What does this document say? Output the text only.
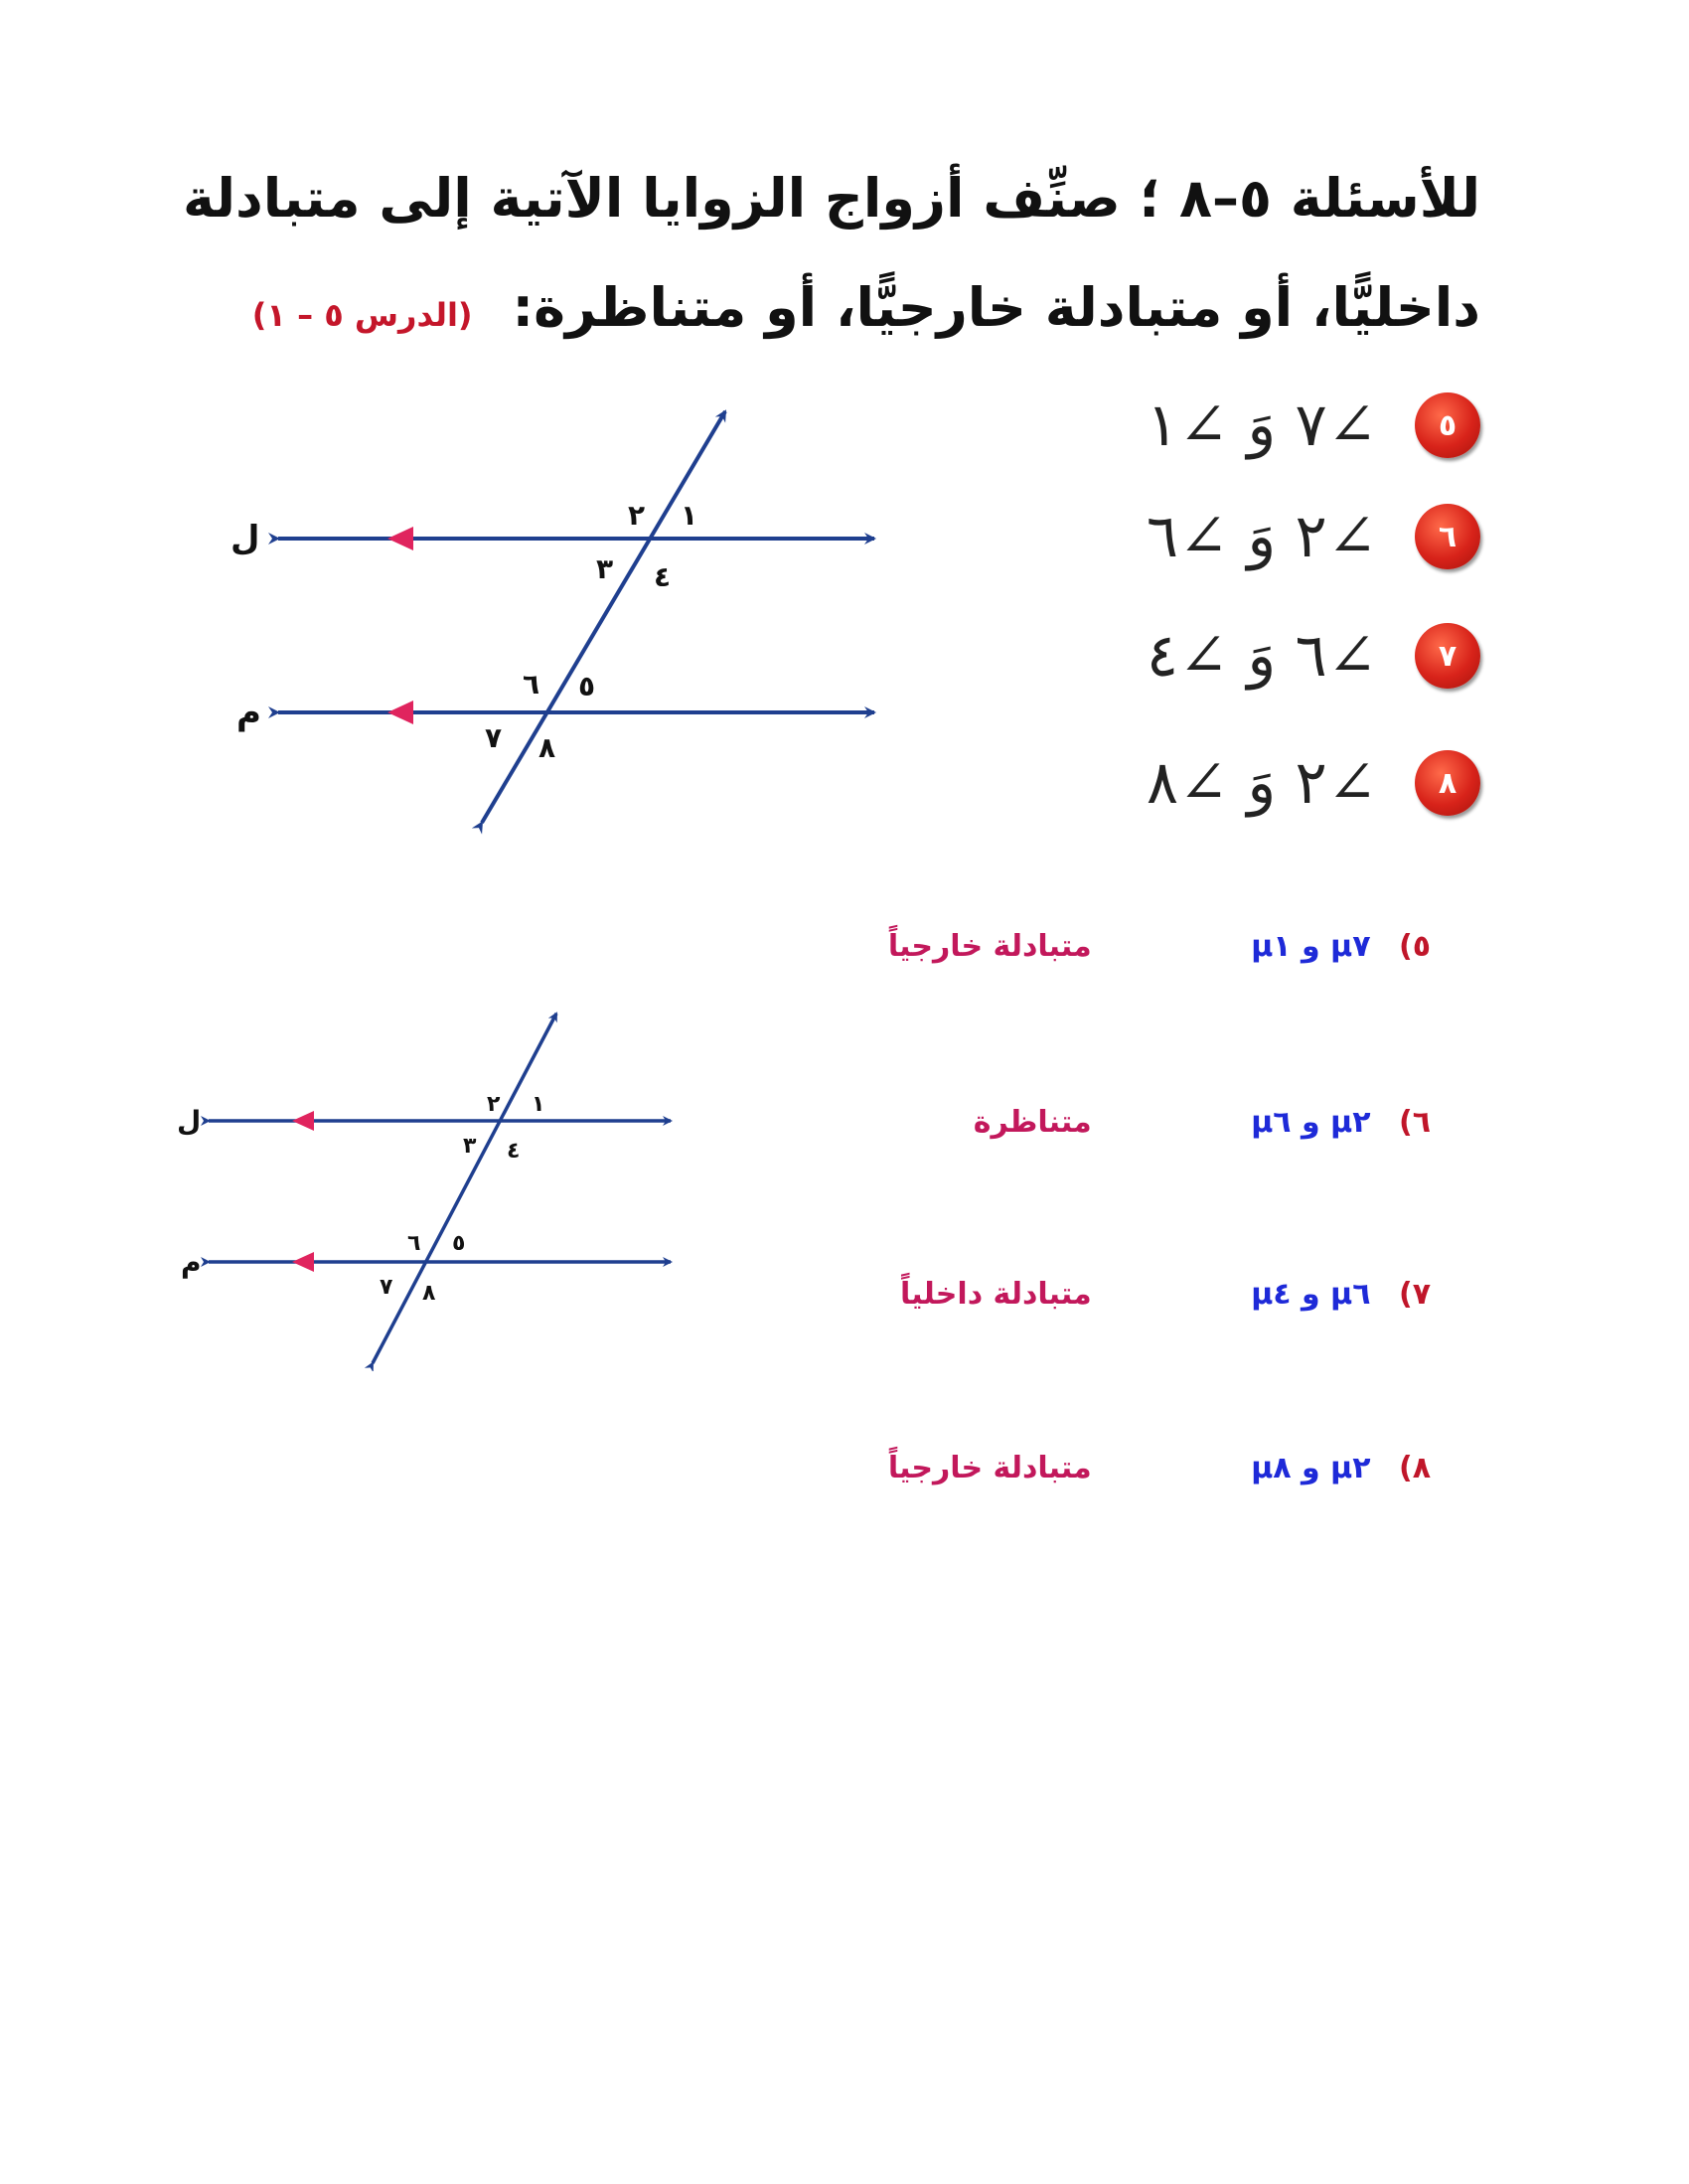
للأسئلة ٥–٨ ؛ صنِّف أزواج الزوايا الآتية إلى متبادلة
داخليًّا، أو متبادلة خارجيًّا، أو متناظرة:(الدرس ٥ – ١)
٥
∠٧ وَ ∠١
٦
∠٢ وَ ∠٦
٧
∠٦ وَ ∠٤
٨
∠٢ وَ ∠٨
ل
م
١
٢
٣ ٤
٥
٦
٧ ٨
٥) µ٧ و µ١ متبادلة خارجياً
٦) µ٢ و µ٦ متناظرة
٧) µ٦ و µ٤ متبادلة داخلياً
٨) µ٢ و µ٨ متبادلة خارجياً
ل
م
١
٢
٣ ٤
٥
٦
٧ ٨
